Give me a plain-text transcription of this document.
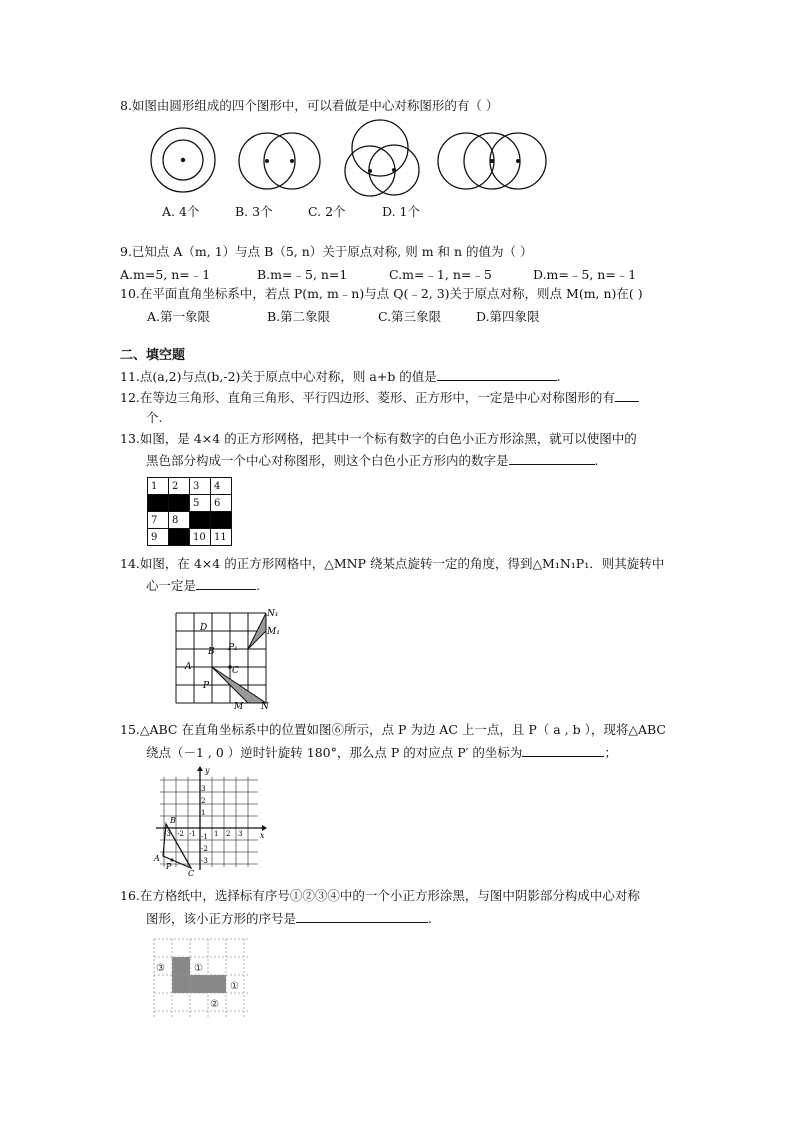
8.如图由圆形组成的四个图形中，可以看做是中心对称图形的有（ ）
A. 4个	B. 3个	C. 2个	D. 1个
9.已知点 A（m, 1）与点 B（5, n）关于原点对称, 则 m 和 n 的值为（ ）
A.m=5, n=﹣1	B.m=﹣5, n=1	C.m=﹣1, n=﹣5	D.m=﹣5, n=﹣1
10.在平面直角坐标系中，若点 P(m, m﹣n)与点 Q(﹣2, 3)关于原点对称，则点 M(m, n)在( )
A.第一象限	B.第二象限	C.第三象限	D.第四象限
二、填空题
11.点(a,2)与点(b,-2)关于原点中心对称，则 a+b 的值是	.
12.在等边三角形、直角三角形、平行四边形、菱形、正方形中，一定是中心对称图形的有
个.
13.如图，是 4×4 的正方形网格，把其中一个标有数字的白色小正方形涂黑，就可以使图中的
黑色部分构成一个中心对称图形，则这个白色小正方形内的数字是	.
1	2	3	4
		5	6
7	8		
9		10	11
14.如图，在 4×4 的正方形网格中，△MNP 绕某点旋转一定的角度，得到△M₁N₁P₁．则其旋转中
心一定是	.
N₁
M₁
D
P₁
B
A	C
P
M N
15.△ABC 在直角坐标系中的位置如图⑥所示，点 P 为边 AC 上一点，且 P（ a , b ），现将△ABC
绕点（－1 , 0 ）逆时针旋转 180°，那么点 P 的对应点 P′ 的坐标为	；
x
y
-3 -2 -1	1 2 3
3
2
1
-1
-2
-3
B
A
P
C
16.在方格纸中，选择标有序号①②③④中的一个小正方形涂黑，与图中阴影部分构成中心对称
图形，该小正方形的序号是	.
③	①
①
②
